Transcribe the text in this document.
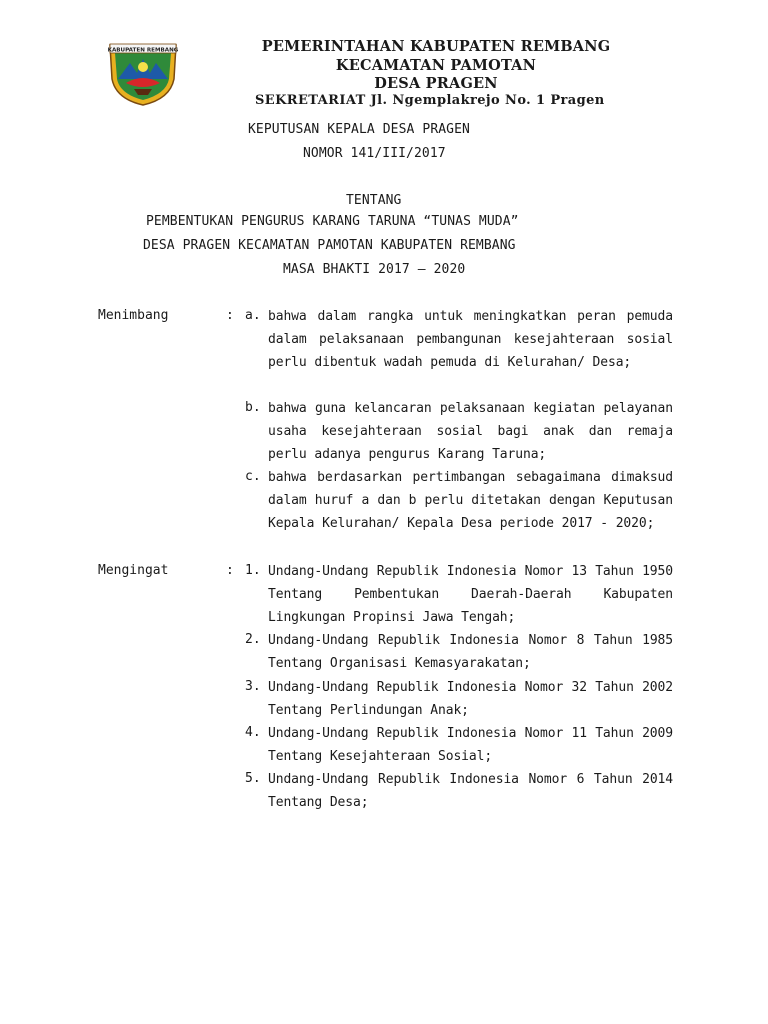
KABUPATEN REMBANG	PEMERINTAHAN KABUPATEN REMBANG
KECAMATAN PAMOTAN
DESA PRAGEN
SEKRETARIAT Jl. Ngemplakrejo No. 1 Pragen
KEPUTUSAN KEPALA DESA PRAGEN
NOMOR 141/III/2017
TENTANG
PEMBENTUKAN PENGURUS KARANG TARUNA “TUNAS MUDA”
DESA PRAGEN KECAMATAN PAMOTAN KABUPATEN REMBANG
MASA BHAKTI 2017 – 2020
Menimbang	: a. bahwa dalam rangka untuk meningkatkan peran pemuda dalam pelaksanaan pembangunan kesejahteraan sosial perlu dibentuk wadah pemuda di Kelurahan/ Desa;
b. bahwa guna kelancaran pelaksanaan kegiatan pelayanan usaha kesejahteraan sosial bagi anak dan remaja perlu adanya pengurus Karang Taruna;
c. bahwa berdasarkan pertimbangan sebagaimana dimaksud dalam huruf a dan b perlu ditetakan dengan Keputusan Kepala Kelurahan/ Kepala Desa periode 2017 - 2020;
Mengingat	: 1. Undang-Undang Republik Indonesia Nomor 13 Tahun 1950 Tentang Pembentukan Daerah-Daerah Kabupaten Lingkungan Propinsi Jawa Tengah;
2. Undang-Undang Republik Indonesia Nomor 8 Tahun 1985 Tentang Organisasi Kemasyarakatan;
3. Undang-Undang Republik Indonesia Nomor 32 Tahun 2002 Tentang Perlindungan Anak;
4. Undang-Undang Republik Indonesia Nomor 11 Tahun 2009 Tentang Kesejahteraan Sosial;
5. Undang-Undang Republik Indonesia Nomor 6 Tahun 2014 Tentang Desa;
